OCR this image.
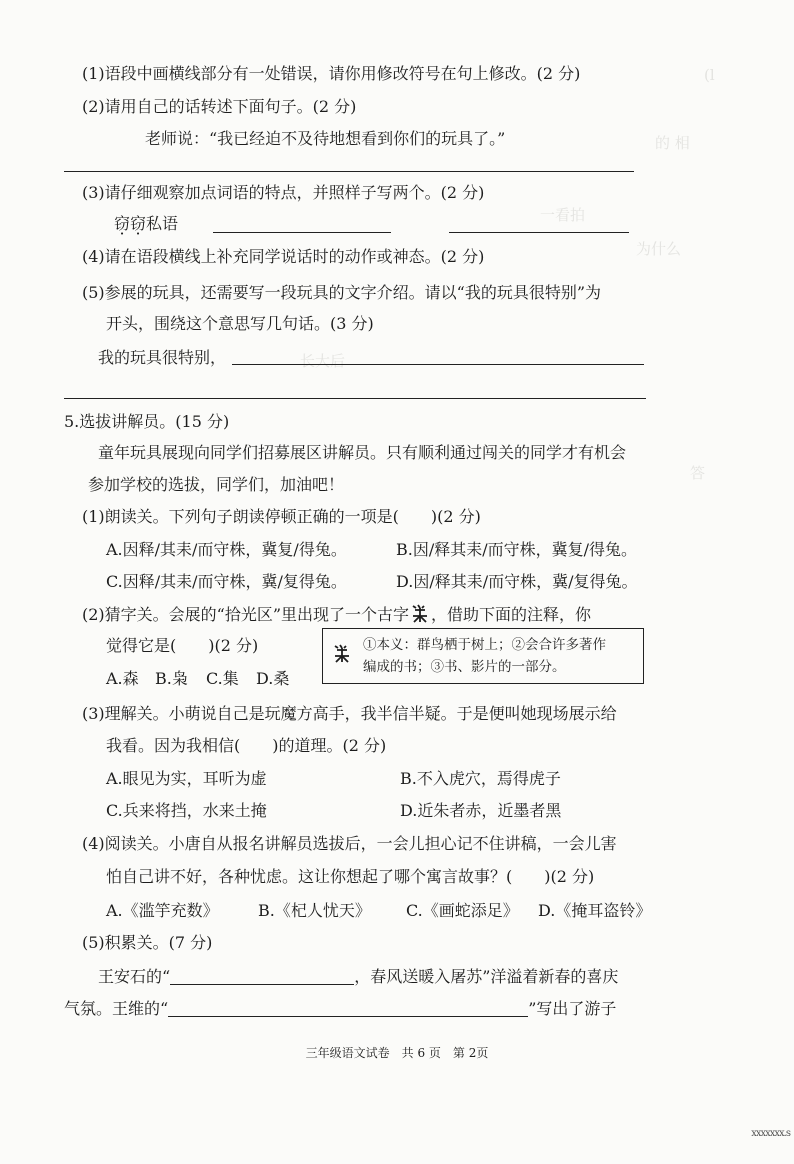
(l
的 相
一看拍
为什么
长大后
答
(1)语段中画横线部分有一处错误，请你用修改符号在句上修改。(2 分)
(2)请用自己的话转述下面句子。(2 分)
老师说：“我已经迫不及待地想看到你们的玩具了。”
(3)请仔细观察加点词语的特点，并照样子写两个。(2 分)
窃窃私语
(4)请在语段横线上补充同学说话时的动作或神态。(2 分)
(5)参展的玩具，还需要写一段玩具的文字介绍。请以“我的玩具很特别”为
开头，围绕这个意思写几句话。(3 分)
我的玩具很特别，
5.选拔讲解员。(15 分)
童年玩具展现向同学们招募展区讲解员。只有顺利通过闯关的同学才有机会
参加学校的选拔，同学们，加油吧！
(1)朗读关。下列句子朗读停顿正确的一项是(　　)(2 分)
A.因释/其耒/而守株，冀复/得兔。	B.因/释其耒/而守株，冀复/得兔。
C.因释/其耒/而守株，冀/复得兔。	D.因/释其耒/而守株，冀/复得兔。
(2)猜字关。会展的“拾光区”里出现了一个古字 ，借助下面的注释，你
觉得它是(　　)(2 分)	①本义：群鸟栖于树上；②会合许多著作
编成的书；③书、影片的一部分。
A.森 B.枭 C.集 D.桑
(3)理解关。小萌说自己是玩魔方高手，我半信半疑。于是便叫她现场展示给
我看。因为我相信(　　)的道理。(2 分)
A.眼见为实，耳听为虚	B.不入虎穴，焉得虎子
C.兵来将挡，水来土掩	D.近朱者赤，近墨者黑
(4)阅读关。小唐自从报名讲解员选拔后，一会儿担心记不住讲稿，一会儿害
怕自己讲不好，各种忧虑。这让你想起了哪个寓言故事？(　　)(2 分)
A.《滥竽充数》 B.《杞人忧天》 C.《画蛇添足》 D.《掩耳盗铃》
(5)积累关。(7 分)
王安石的“	，春风送暖入屠苏”洋溢着新春的喜庆
气氛。王维的“	”写出了游子
三年级语文试卷　共 6 页　第 2页
xxxxxxx.s
